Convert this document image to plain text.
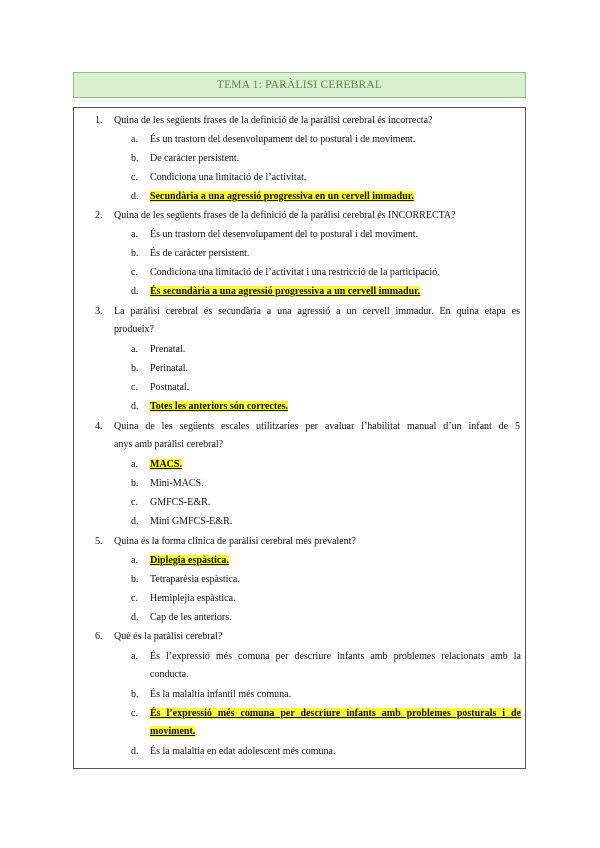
TEMA 1: PARÀLISI CEREBRAL
1. Quina de les següents frases de la definició de la paràlisi cerebral és incorrecta?
a. És un trastorn del desenvolupament del to postural i de moviment.
b. De caràcter persistent.
c. Condiciona una limitació de l’activitat.
d. Secundària a una agressió progressiva en un cervell immadur.
2. Quina de les següents frases de la definició de la paràlisi cerebral és INCORRECTA?
a. És un trastorn del desenvolupament del to postural i del moviment.
b. És de caràcter persistent.
c. Condiciona una limitació de l’activitat i una restricció de la participació.
d. És secundària a una agressió progressiva a un cervell immadur.
3. La paràlisi cerebral és secundària a una agressió a un cervell immadur. En quina etapa es
produeix?
a. Prenatal.
b. Perinatal.
c. Postnatal.
d. Totes les anteriors són correctes.
4. Quina de les següents escales utilitzaries per avaluar l’habilitat manual d’un infant de 5
anys amb paràlisi cerebral?
a. MACS.
b. Mini-MACS.
c. GMFCS-E&R.
d. Mini GMFCS-E&R.
5. Quina és la forma clínica de paràlisi cerebral més prevalent?
a. Diplegia espàstica.
b. Tetraparèsia espàstica.
c. Hemiplejia espàstica.
d. Cap de les anteriors.
6. Què és la paràlisi cerebral?
a. És l’expressió més comuna per descriure infants amb problemes relacionats amb la
conducta.
b. És la malaltia infantil més comuna.
c. És l’expressió més comuna per descriure infants amb problemes posturals i de
moviment.
d. És la malaltia en edat adolescent més comuna.
